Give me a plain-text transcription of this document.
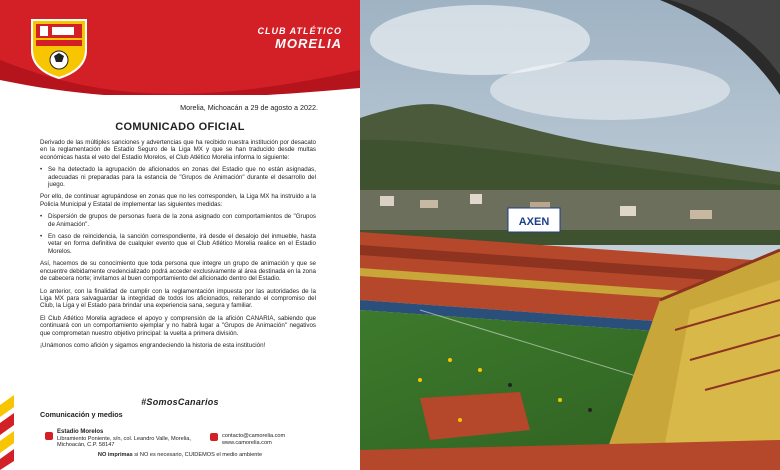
CLUB ATLÉTICO
MORELIA
Morelia, Michoacán a 29 de agosto a 2022.
COMUNICADO OFICIAL

Derivado de las múltiples sanciones y advertencias que ha recibido nuestra institución por desacato en la reglamentación de Estadio Seguro de la Liga MX y que se han traducido desde multas económicas hasta el veto del Estadio Morelos, el Club Atlético Morelia informa lo siguiente:

• Se ha detectado la agrupación de aficionados en zonas del Estadio que no están asignadas, adecuadas ni preparadas para la estancia de "Grupos de Animación" durante el desarrollo del juego.

Por ello, de continuar agrupándose en zonas que no les corresponden, la Liga MX ha instruido a la Policía Municipal y Estatal de implementar las siguientes medidas:

• Dispersión de grupos de personas fuera de la zona asignado con comportamientos de "Grupos de Animación".
• En caso de reincidencia, la sanción correspondiente, irá desde el desalojo del inmueble, hasta vetar en forma definitiva de cualquier evento que el Club Atlético Morelia realice en el Estadio Morelos.

Así, hacemos de su conocimiento que toda persona que integre un grupo de animación y que se encuentre debidamente credencializado podrá acceder exclusivamente al área destinada en la zona de cabecera norte; invitamos al buen comportamiento del aficionado dentro del Estadio.

Lo anterior, con la finalidad de cumplir con la reglamentación impuesta por las autoridades de la Liga MX para salvaguardar la integridad de todos los aficionados, reiterando el compromiso del Club, la Liga y el Estado para brindar una experiencia sana, segura y familiar.

El Club Atlético Morelia agradece el apoyo y comprensión de la afición CANARIA, sabiendo que continuará con un comportamiento ejemplar y no habrá lugar a "Grupos de Animación" negativos que comprometan nuestro objetivo principal: la vuelta a primera división.

¡Unámonos como afición y sigamos engrandeciendo la historia de esta institución!

#SomosCanarios
Comunicación y medios
Estadio Morelos
Libramiento Poniente, s/n, col. Leandro Valle, Morelia, Michoacán, C.P. 58147
contacto@camorelia.com
www.camorelia.com
NO imprimas si NO es necesario, CUIDEMOS el medio ambiente
AXEN
